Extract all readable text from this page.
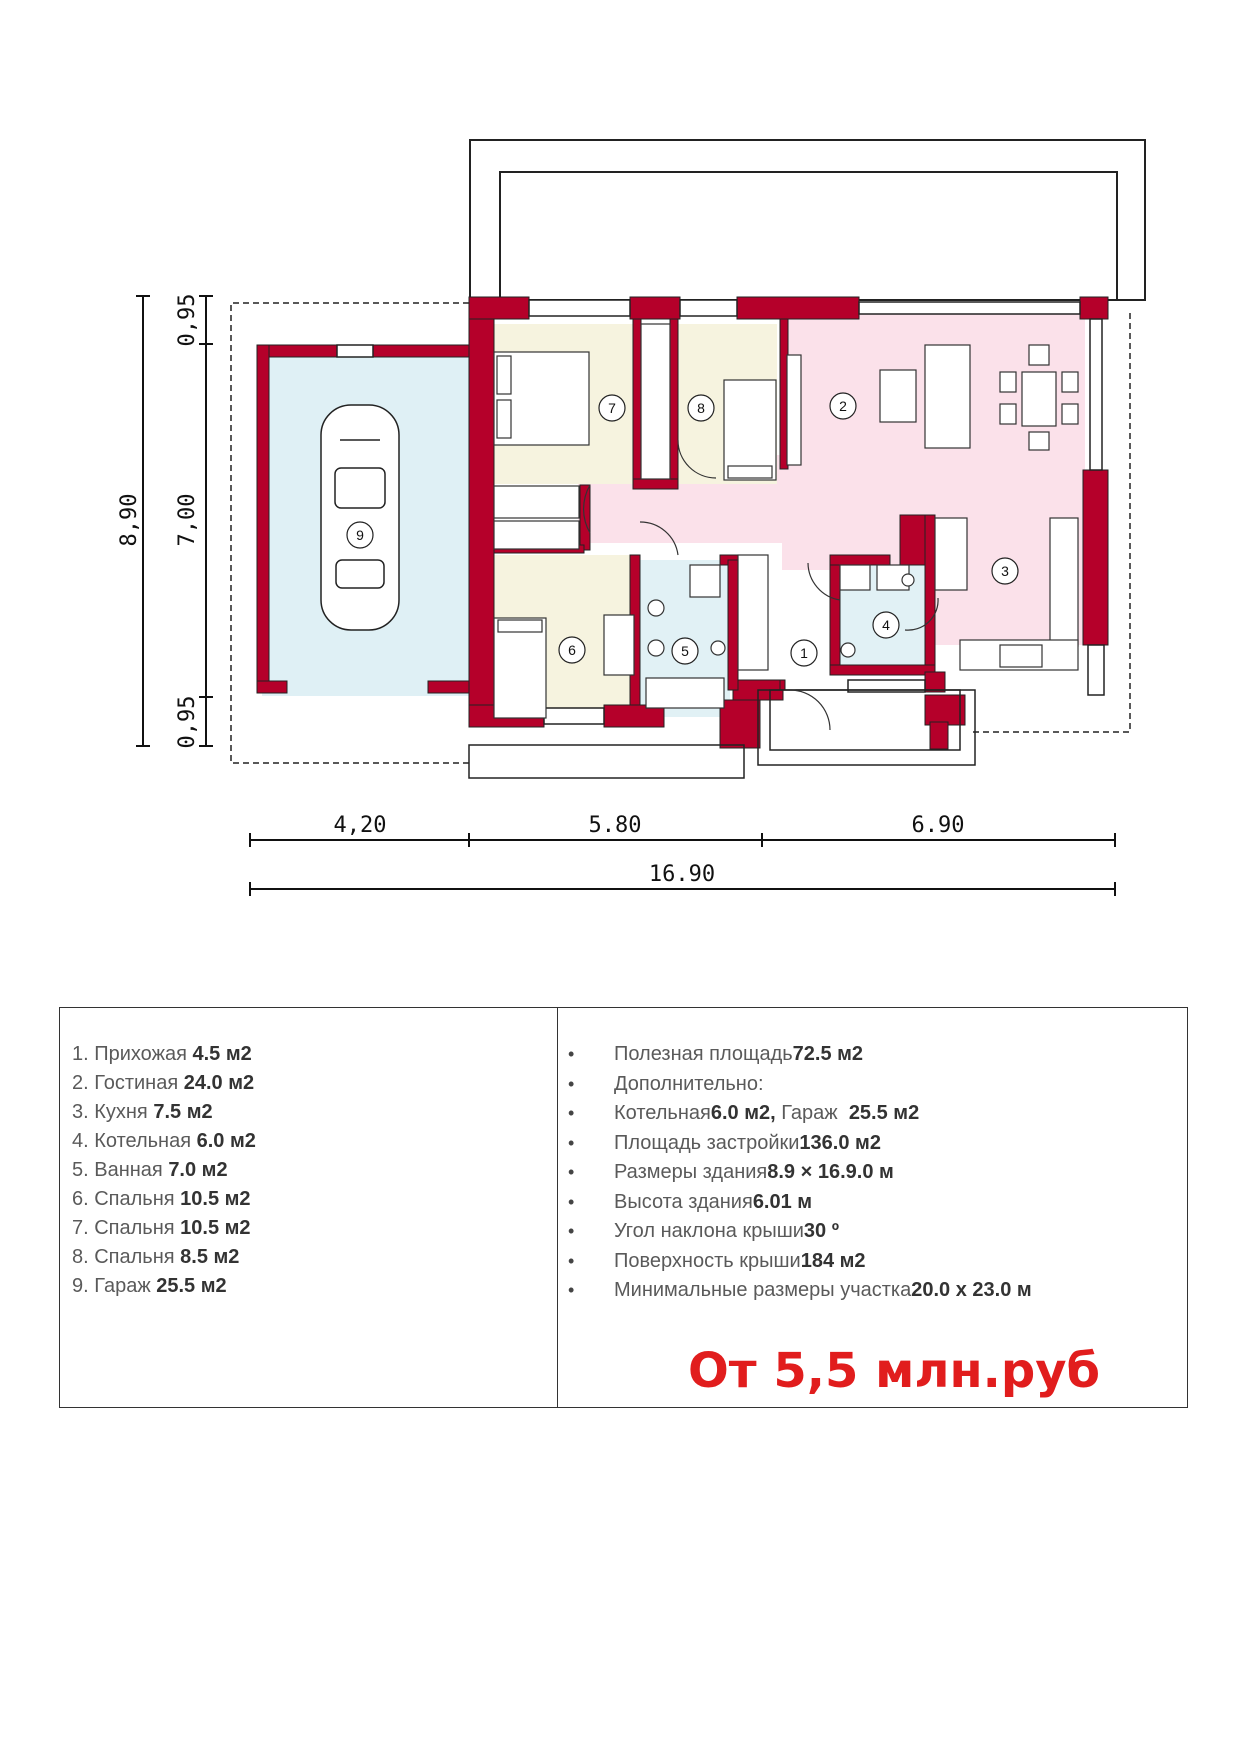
1
2
3
4
5
6
7	8
9
0,95
7,00
0,95
8,90
4,20	5.80	6.90
16.90
1. Прихожая 4.5 м2
2. Гостиная 24.0 м2
3. Кухня 7.5 м2
4. Котельная 6.0 м2
5. Ванная 7.0 м2
6. Спальня 10.5 м2
7. Спальня 10.5 м2
8. Спальня 8.5 м2
9. Гараж 25.5 м2
•	Полезная площадь 72.5 м2
•	Дополнительно:
•	Котельная 6.0 м2, Гараж
25.5 м2
•	Площадь застройки 136.0 м2
•	Размеры здания 8.9 × 16.9.0 м
•	Высота здания 6.01 м
•	Угол наклона крыши 30 º
•	Поверхность крыши 184 м2
•	Минимальные размеры участка 20.0 x 23.0 м
От 5,5 млн.руб
